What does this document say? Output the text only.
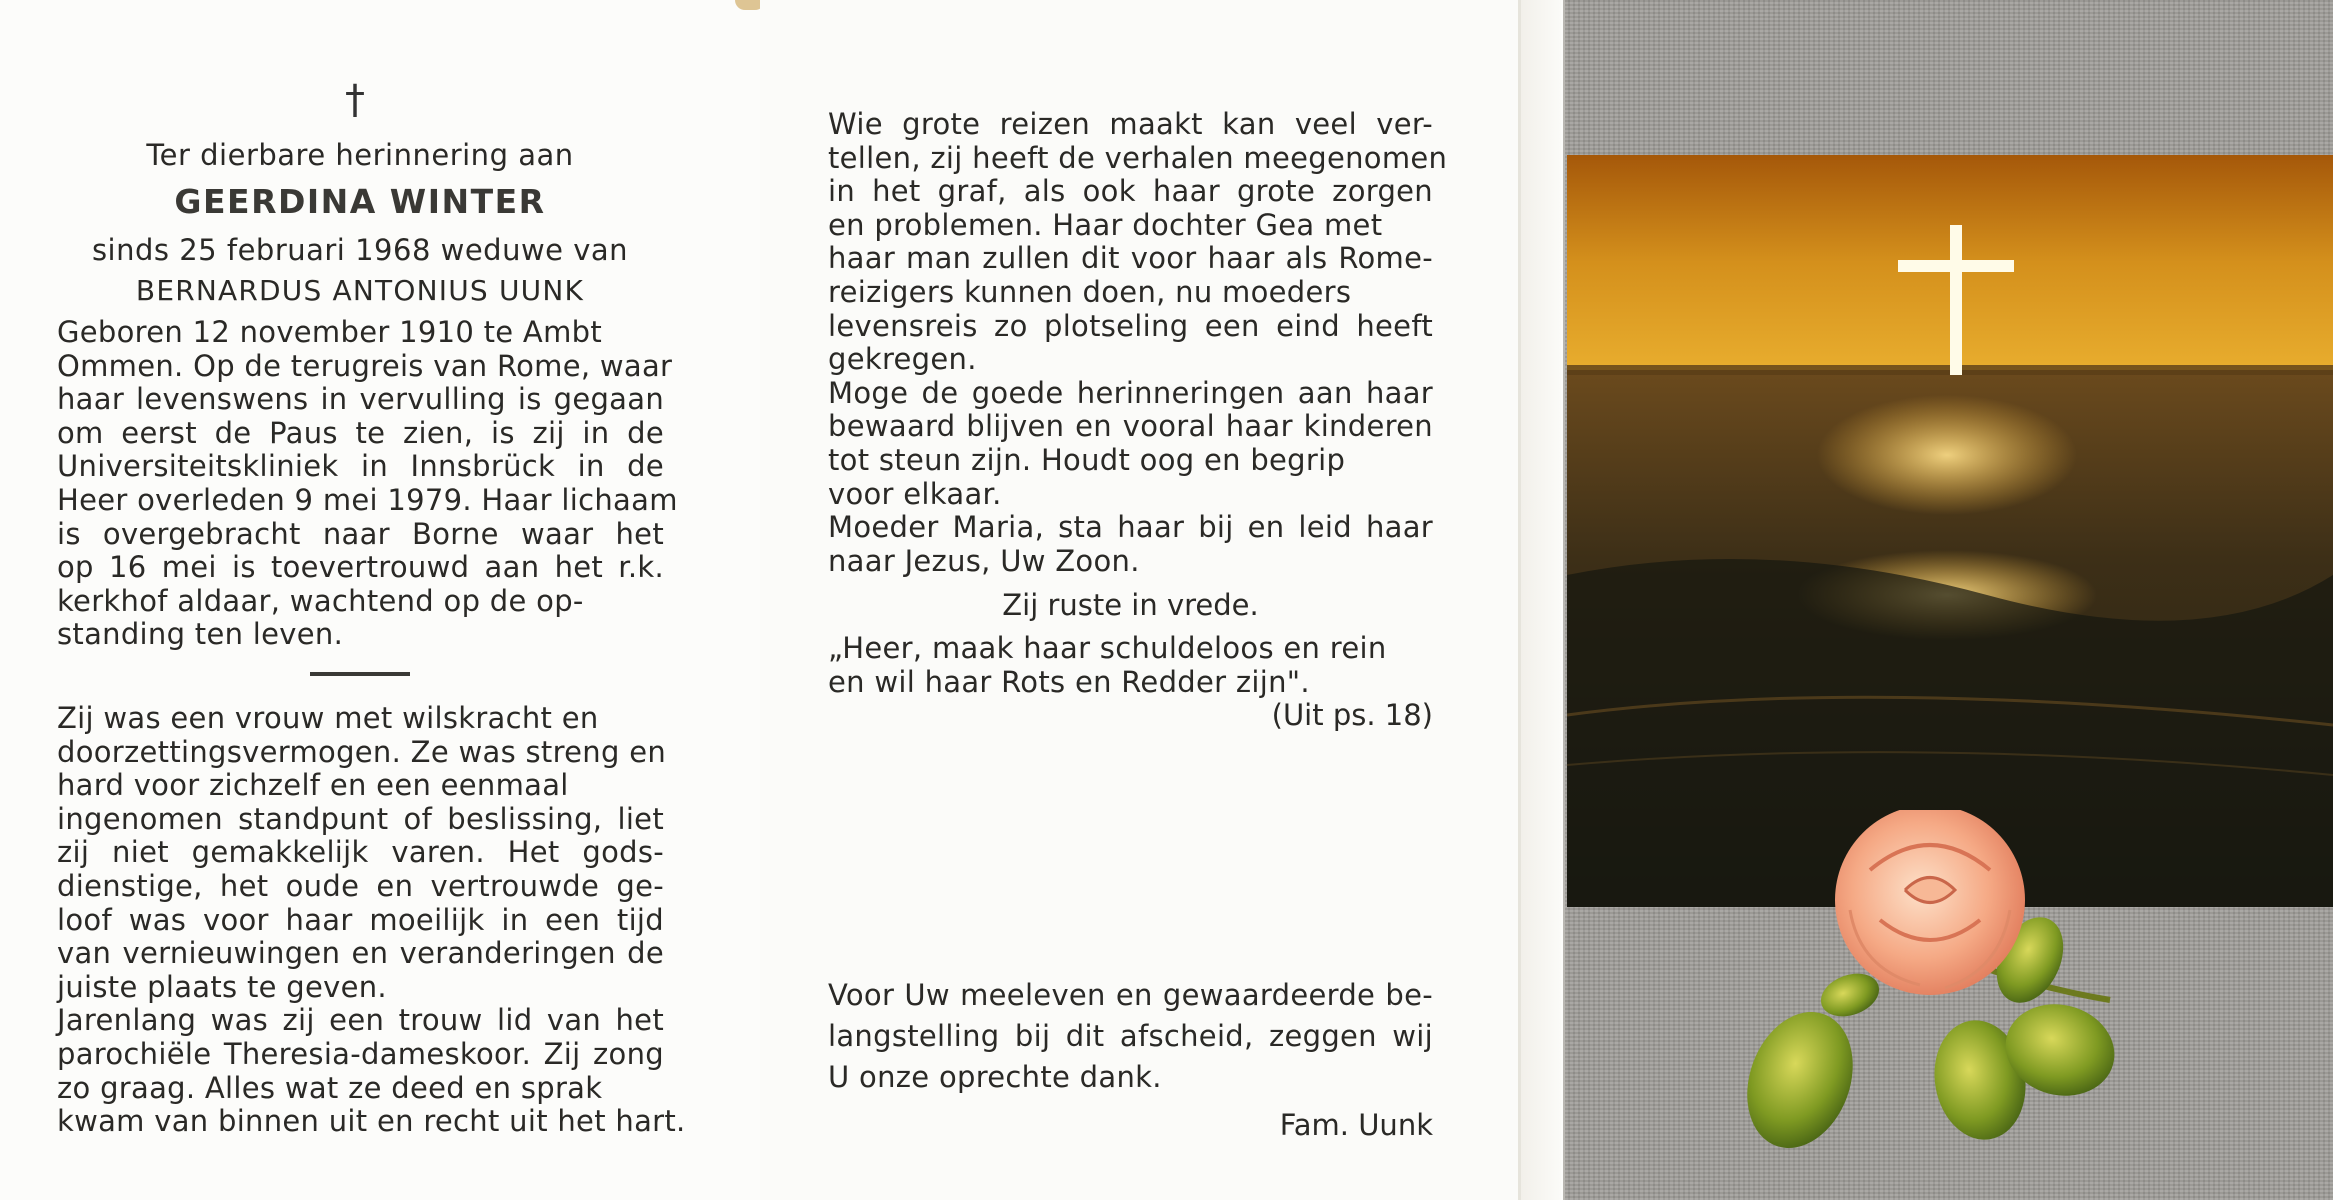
†
Ter dierbare herinnering aan
GEERDINA WINTER
sinds 25 februari 1968 weduwe van
BERNARDUS ANTONIUS UUNK
Geboren 12 november 1910 te Ambt
Ommen. Op de terugreis van Rome, waar
haar levenswens in vervulling is gegaan
om eerst de Paus te zien, is zij in de
Universiteitskliniek in Innsbrück in de
Heer overleden 9 mei 1979. Haar lichaam
is overgebracht naar Borne waar het
op 16 mei is toevertrouwd aan het r.k.
kerkhof aldaar, wachtend op de op-
standing ten leven.
Zij was een vrouw met wilskracht en
doorzettingsvermogen. Ze was streng en
hard voor zichzelf en een eenmaal
ingenomen standpunt of beslissing, liet
zij niet gemakkelijk varen. Het gods-
dienstige, het oude en vertrouwde ge-
loof was voor haar moeilijk in een tijd
van vernieuwingen en veranderingen de
juiste plaats te geven.
Jarenlang was zij een trouw lid van het
parochiële Theresia-dameskoor. Zij zong
zo graag. Alles wat ze deed en sprak
kwam van binnen uit en recht uit het hart.
Wie grote reizen maakt kan veel ver-
tellen, zij heeft de verhalen meegenomen
in het graf, als ook haar grote zorgen
en problemen. Haar dochter Gea met
haar man zullen dit voor haar als Rome-
reizigers kunnen doen, nu moeders
levensreis zo plotseling een eind heeft
gekregen.
Moge de goede herinneringen aan haar
bewaard blijven en vooral haar kinderen
tot steun zijn. Houdt oog en begrip
voor elkaar.
Moeder Maria, sta haar bij en leid haar
naar Jezus, Uw Zoon.
Zij ruste in vrede.
„Heer, maak haar schuldeloos en rein
en wil haar Rots en Redder zijn".
(Uit ps. 18)
Voor Uw meeleven en gewaardeerde be-
langstelling bij dit afscheid, zeggen wij
U onze oprechte dank.
Fam. Uunk
